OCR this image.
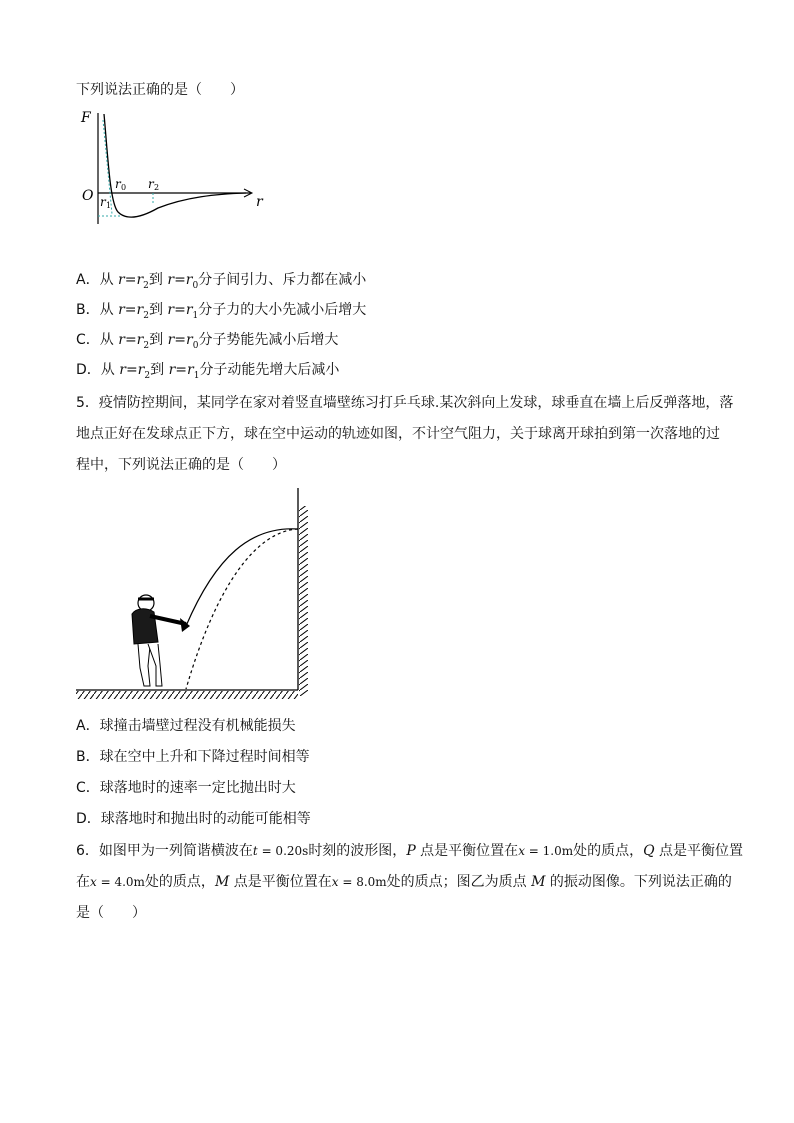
下列说法正确的是（　　）
F
O	r
r 0
r 1
r 2
A．从 $r=r_2$到 $r=r_0$分子间引力、斥力都在减小
B．从 $r=r_2$到 $r=r_1$分子力的大小先减小后增大
C．从 $r=r_2$到 $r=r_0$分子势能先减小后增大
D．从 $r=r_2$到 $r=r_1$分子动能先增大后减小
5．疫情防控期间，某同学在家对着竖直墙壁练习打乒乓球.某次斜向上发球，球垂直在墙上后反弹落地，落
地点正好在发球点正下方，球在空中运动的轨迹如图，不计空气阻力，关于球离开球拍到第一次落地的过
程中，下列说法正确的是（　　）
A．球撞击墙壁过程没有机械能损失
B．球在空中上升和下降过程时间相等
C．球落地时的速率一定比抛出时大
D．球落地时和抛出时的动能可能相等
6．如图甲为一列简谐横波在t = 0.20s时刻的波形图，P 点是平衡位置在x = 1.0m处的质点，Q 点是平衡位置
在x = 4.0m处的质点，M 点是平衡位置在x = 8.0m处的质点；图乙为质点 M 的振动图像。下列说法正确的
是（　　）
